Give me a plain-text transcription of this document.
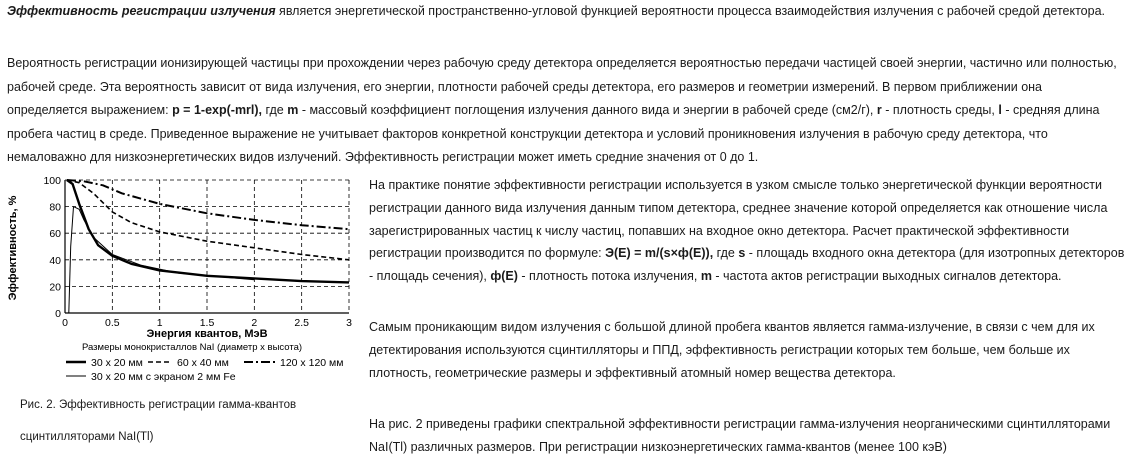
Эффективность регистрации излучения является энергетической пространственно-угловой функцией вероятности процесса взаимодействия излучения с рабочей средой детектора.

Вероятность регистрации ионизирующей частицы при прохождении через рабочую среду детектора определяется вероятностью передачи частицей своей энергии, частично или полностью, рабочей среде. Эта вероятность зависит от вида излучения, его энергии, плотности рабочей среды детектора, его размеров и геометрии измерений. В первом приближении она определяется выражением: р = 1-exp(-mrl), где m - массовый коэффициент поглощения излучения данного вида и энергии в рабочей среде (см2/г), r - плотность среды, l - средняя длина пробега частиц в среде. Приведенное выражение не учитывает факторов конкретной конструкции детектора и условий проникновения излучения в рабочую среду детектора, что немаловажно для низкоэнергетических видов излучений. Эффективность регистрации может иметь средние значения от 0 до 1.

0
20
40
60
80
100
0	0.5	1	1.5	2	2.5	3
Эффективность, %
Энергия квантов, МэВ
Размеры монокристаллов NaI (диаметр x высота)
30 x 20 мм	60 x 40 мм	120 x 120 мм
30 x 20 мм с экраном 2 мм Fe

Рис. 2. Эффективность регистрации гамма-квантов

сцинтилляторами NaI(Tl)

На практике понятие эффективности регистрации используется в узком смысле только энергетической функции вероятности регистрации данного вида излучения данным типом детектора, среднее значение которой определяется как отношение числа зарегистрированных частиц к числу частиц, попавших на входное окно детектора. Расчет практической эффективности регистрации производится по формуле: Э(Е) = m/(s×ф(E)), где s - площадь входного окна детектора (для изотропных детекторов - площадь сечения), ф(Е) - плотность потока излучения, m - частота актов регистрации выходных сигналов детектора.

Самым проникающим видом излучения с большой длиной пробега квантов является гамма-излучение, в связи с чем для их детектирования используются сцинтилляторы и ППД, эффективность регистрации которых тем больше, чем больше их плотность, геометрические размеры и эффективный атомный номер вещества детектора.

На рис. 2 приведены графики спектральной эффективности регистрации гамма-излучения неорганическими сцинтилляторами NaI(Tl) различных размеров. При регистрации низкоэнергетических гамма-квантов (менее 100 кэВ)
